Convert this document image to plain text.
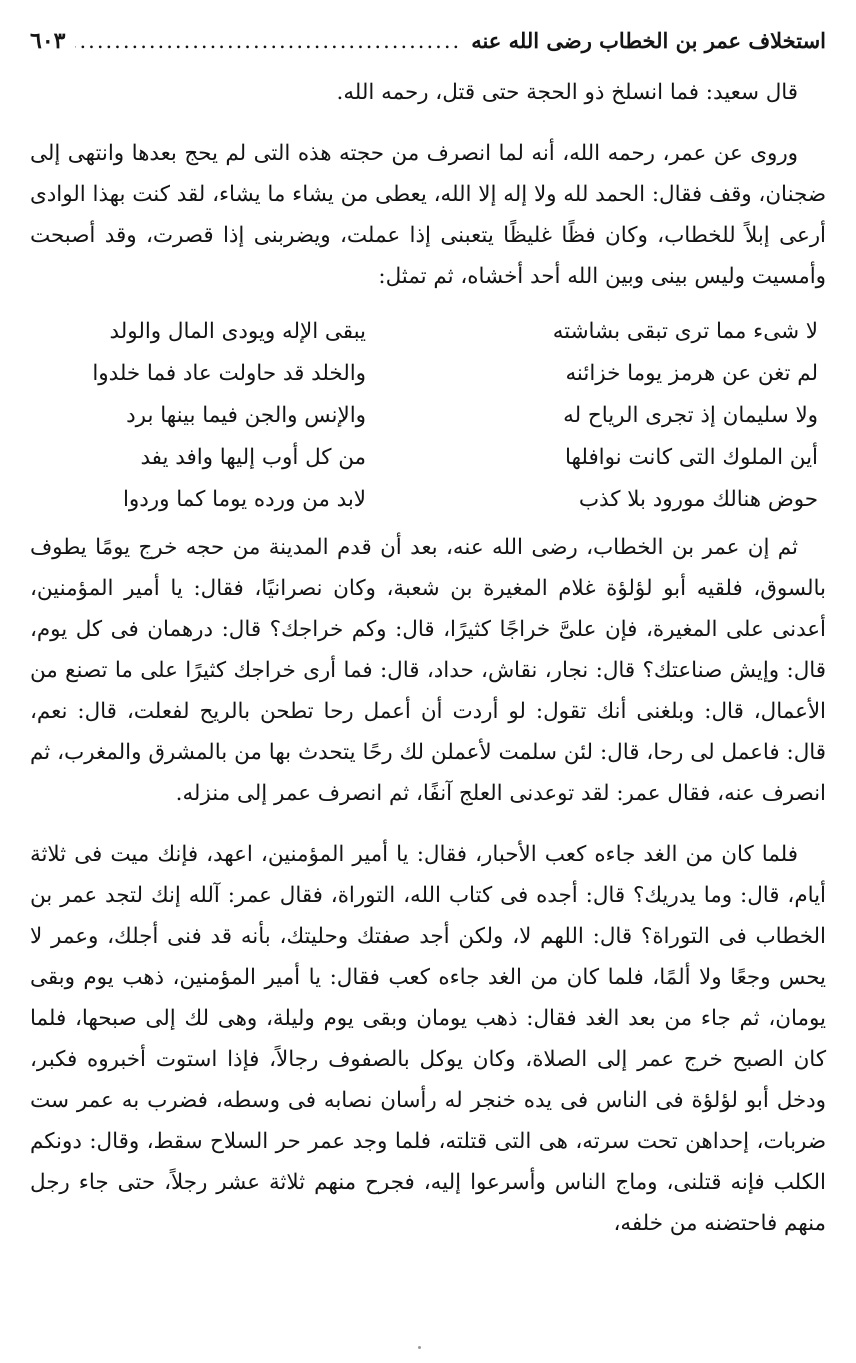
استخلاف عمر بن الخطاب رضى الله عنه
.....
٦٠٣

قال سعيد: فما انسلخ ذو الحجة حتى قتل، رحمه الله.

وروى عن عمر، رحمه الله، أنه لما انصرف من حجته هذه التى لم يحج بعدها وانتهى إلى ضجنان، وقف فقال: الحمد لله ولا إله إلا الله، يعطى من يشاء ما يشاء، لقد كنت بهذا الوادى أرعى إبلاً للخطاب، وكان فظًا غليظًا يتعبنى إذا عملت، ويضربنى إذا قصرت، وقد أصبحت وأمسيت وليس بينى وبين الله أحد أخشاه، ثم تمثل:

لا شىء مما ترى تبقى بشاشته
يبقى الإله ويودى المال والولد
لم تغن عن هرمز يوما خزائنه
والخلد قد حاولت عاد فما خلدوا
ولا سليمان إذ تجرى الرياح له
والإنس والجن فيما بينها برد
أين الملوك التى كانت نوافلها
من كل أوب إليها وافد يفد
حوض هنالك مورود بلا كذب
لابد من ورده يوما كما وردوا

ثم إن عمر بن الخطاب، رضى الله عنه، بعد أن قدم المدينة من حجه خرج يومًا يطوف بالسوق، فلقيه أبو لؤلؤة غلام المغيرة بن شعبة، وكان نصرانيًا، فقال: يا أمير المؤمنين، أعدنى على المغيرة، فإن علىَّ خراجًا كثيرًا، قال: وكم خراجك؟ قال: درهمان فى كل يوم، قال: وإيش صناعتك؟ قال: نجار، نقاش، حداد، قال: فما أرى خراجك كثيرًا على ما تصنع من الأعمال، قال: وبلغنى أنك تقول: لو أردت أن أعمل رحا تطحن بالريح لفعلت، قال: نعم، قال: فاعمل لى رحا، قال: لئن سلمت لأعملن لك رحًا يتحدث بها من بالمشرق والمغرب، ثم انصرف عنه، فقال عمر: لقد توعدنى العلج آنفًا، ثم انصرف عمر إلى منزله.

فلما كان من الغد جاءه كعب الأحبار، فقال: يا أمير المؤمنين، اعهد، فإنك ميت فى ثلاثة أيام، قال: وما يدريك؟ قال: أجده فى كتاب الله، التوراة، فقال عمر: آلله إنك لتجد عمر بن الخطاب فى التوراة؟ قال: اللهم لا، ولكن أجد صفتك وحليتك، بأنه قد فنى أجلك، وعمر لا يحس وجعًا ولا ألمًا، فلما كان من الغد جاءه كعب فقال: يا أمير المؤمنين، ذهب يوم وبقى يومان، ثم جاء من بعد الغد فقال: ذهب يومان وبقى يوم وليلة، وهى لك إلى صبحها، فلما كان الصبح خرج عمر إلى الصلاة، وكان يوكل بالصفوف رجالاً، فإذا استوت أخبروه فكبر، ودخل أبو لؤلؤة فى الناس فى يده خنجر له رأسان نصابه فى وسطه، فضرب به عمر ست ضربات، إحداهن تحت سرته، هى التى قتلته، فلما وجد عمر حر السلاح سقط، وقال: دونكم الكلب فإنه قتلنى، وماج الناس وأسرعوا إليه، فجرح منهم ثلاثة عشر رجلاً، حتى جاء رجل منهم فاحتضنه من خلفه،
